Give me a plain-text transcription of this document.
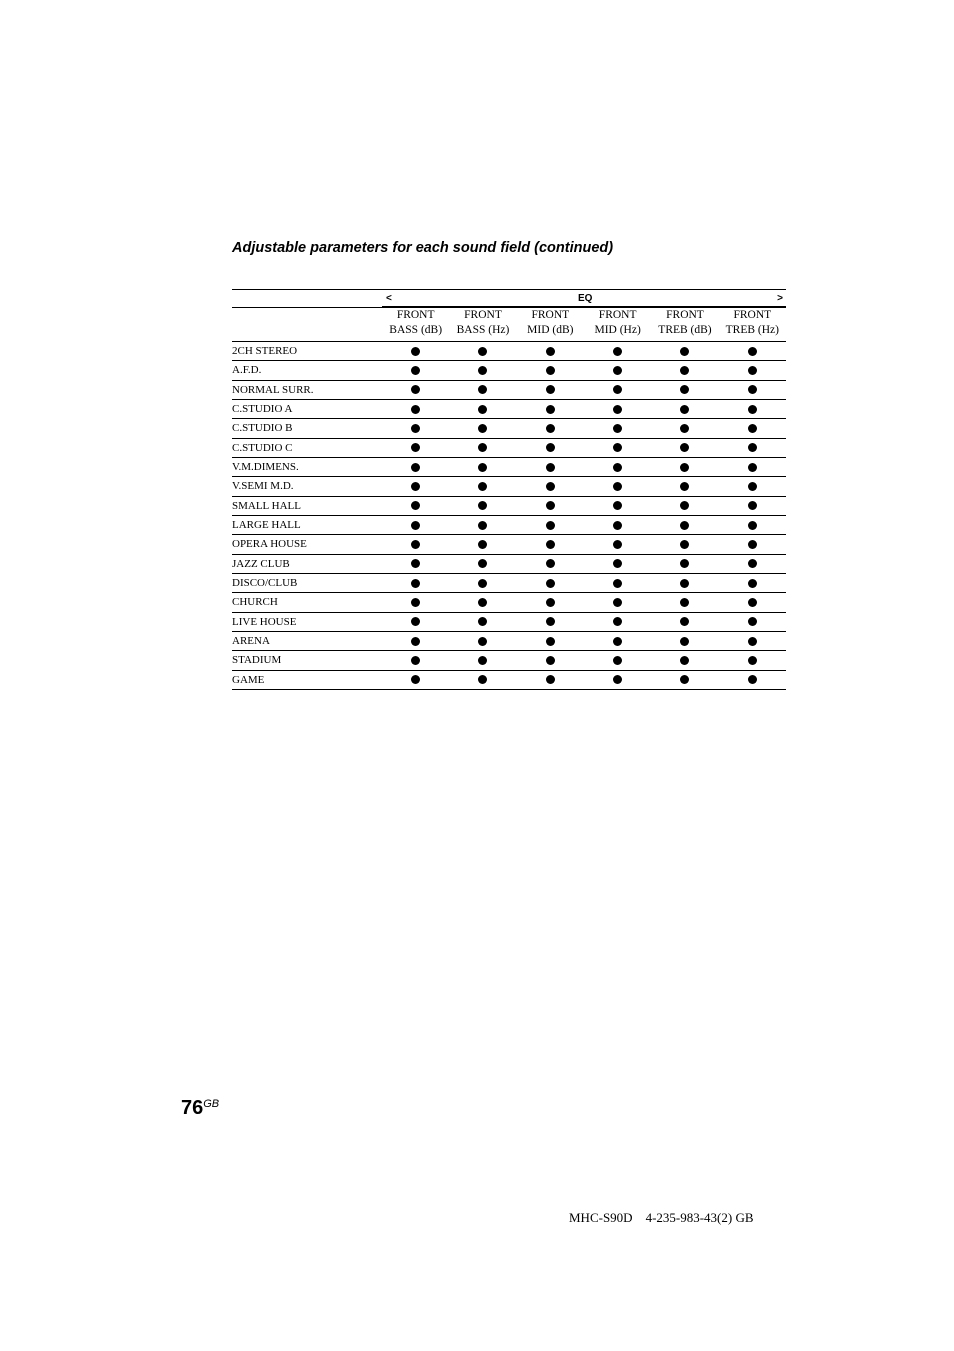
Adjustable parameters for each sound field (continued)
<	EQ	>
FRONT
BASS (dB)
FRONT
BASS (Hz)
FRONT
MID (dB)
FRONT
MID (Hz)
FRONT
TREB (dB)
FRONT
TREB (Hz)
2CH STEREO
A.F.D.
NORMAL SURR.
C.STUDIO A
C.STUDIO B
C.STUDIO C
V.M.DIMENS.
V.SEMI M.D.
SMALL HALL
LARGE HALL
OPERA HOUSE
JAZZ CLUB
DISCO/CLUB
CHURCH
LIVE HOUSE
ARENA
STADIUM
GAME
$76^{GB}$
MHC-S90D    4-235-983-43(2) GB
